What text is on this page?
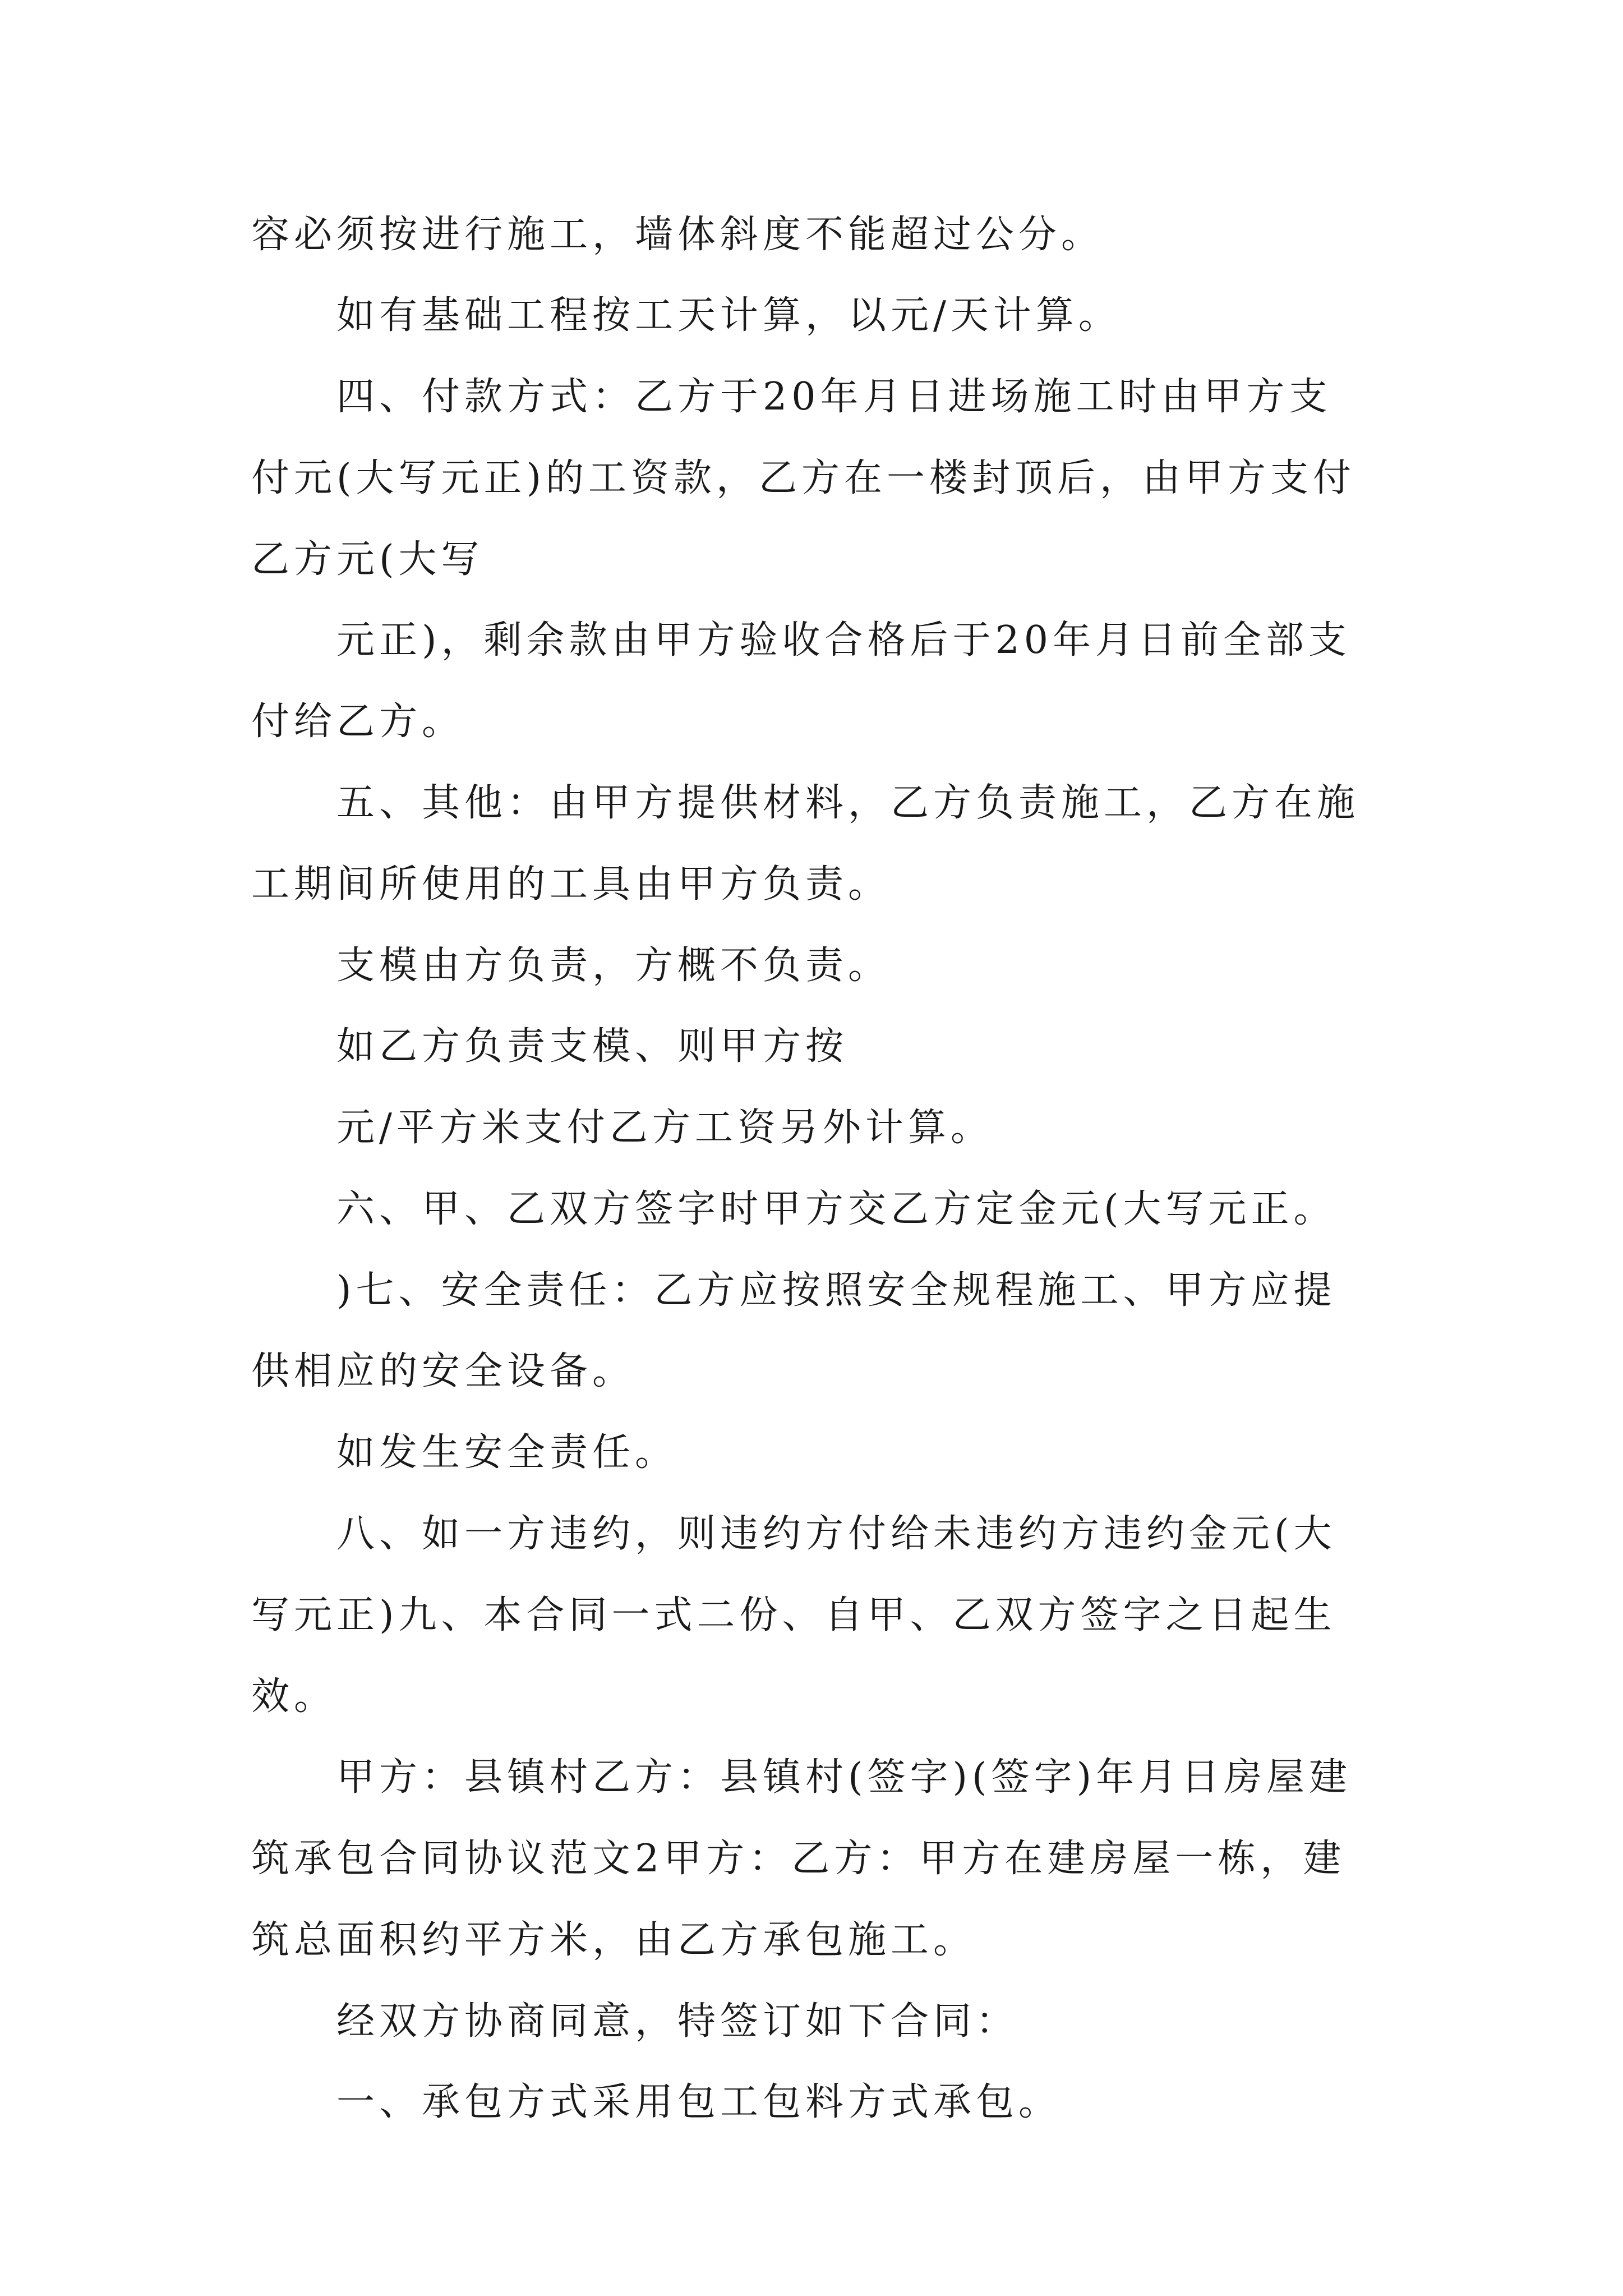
容必须按进行施工，墙体斜度不能超过公分。
如有基础工程按工天计算，以元/天计算。
四、付款方式：乙方于20年月日进场施工时由甲方支
付元(大写元正)的工资款，乙方在一楼封顶后，由甲方支付
乙方元(大写
元正)，剩余款由甲方验收合格后于20年月日前全部支
付给乙方。
五、其他：由甲方提供材料，乙方负责施工，乙方在施
工期间所使用的工具由甲方负责。
支模由方负责，方概不负责。
如乙方负责支模、则甲方按
元/平方米支付乙方工资另外计算。
六、甲、乙双方签字时甲方交乙方定金元(大写元正。
)七、安全责任：乙方应按照安全规程施工、甲方应提
供相应的安全设备。
如发生安全责任。
八、如一方违约，则违约方付给未违约方违约金元(大
写元正)九、本合同一式二份、自甲、乙双方签字之日起生
效。
甲方：县镇村乙方：县镇村(签字)(签字)年月日房屋建
筑承包合同协议范文2甲方：乙方：甲方在建房屋一栋，建
筑总面积约平方米，由乙方承包施工。
经双方协商同意，特签订如下合同：
一、承包方式采用包工包料方式承包。
